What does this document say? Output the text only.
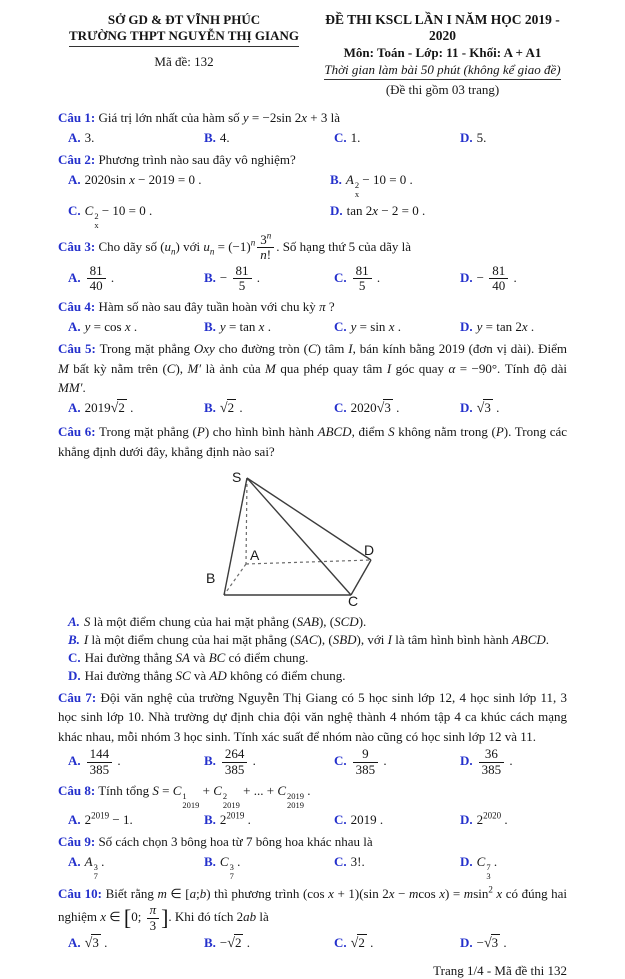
SỞ GD & ĐT VĨNH PHÚC
TRƯỜNG THPT NGUYỄN THỊ GIANG
Mã đề: 132
ĐỀ THI KSCL LẦN I NĂM HỌC 2019 - 2020
Môn: Toán - Lớp: 11 - Khối: A + A1
Thời gian làm bài 50 phút (không kể giao đề)
(Đề thi gồm 03 trang)
Câu 1: Giá trị lớn nhất của hàm số y = −2sin 2x + 3 là
A. 3.	B. 4.	C. 1.	D. 5.
Câu 2: Phương trình nào sau đây vô nghiệm?
A. 2020sin x − 2019 = 0 .	B. A 2
x
− 10 = 0 .
C. C 2
x
− 10 = 0 .	D. tan 2x − 2 = 0 .
Câu 3: Cho dãy số $(u_n)$ với $u_n = (-1)^n \frac{3^n}{n!}$ . Số hạng thứ 5 của dãy là
A. $\frac{81}{40}$ .	B. − $\frac{81}{5}$ .	C. $\frac{81}{5}$ .	D. − $\frac{81}{40}$ .
Câu 4: Hàm số nào sau đây tuần hoàn với chu kỳ π ?
A. y = cos x .	B. y = tan x .	C. y = sin x .	D. y = tan 2x .
Câu 5: Trong mặt phẳng Oxy cho đường tròn (C) tâm I, bán kính bằng 2019 (đơn vị dài). Điểm M bất kỳ nằm trên (C), M′ là ảnh của M qua phép quay tâm I góc quay α = −90°. Tính độ dài MM′.
A. 2019√2 .	B. √2 .	C. 2020√3 .	D. √3 .
Câu 6: Trong mặt phẳng (P) cho hình bình hành ABCD, điểm S không nằm trong (P). Trong các khẳng định dưới đây, khẳng định nào sai?
S
A
B
C
D
A. S là một điểm chung của hai mặt phẳng (SAB), (SCD).
B. I là một điểm chung của hai mặt phẳng (SAC), (SBD), với I là tâm hình bình hành ABCD.
C. Hai đường thẳng SA và BC có điểm chung.
D. Hai đường thẳng SC và AD không có điểm chung.
Câu 7: Đội văn nghệ của trường Nguyễn Thị Giang có 5 học sinh lớp 12, 4 học sinh lớp 11, 3 học sinh lớp 10. Nhà trường dự định chia đội văn nghệ thành 4 nhóm tập 4 ca khúc cách mạng khác nhau, mỗi nhóm 3 học sinh. Tính xác suất để nhóm nào cũng có học sinh lớp 12 và 11.
A. $\frac{144}{385}$ .	B. $\frac{264}{385}$ .	C. $\frac{9}{385}$ .	D. $\frac{36}{385}$ .
Câu 8: Tính tổng S = C 1
2019
+ C 2
2019
+ ... + C 2019
2019
.
A. $2^{2019} - 1$.	B. $2^{2019}$ .	C. 2019 .	D. $2^{2020}$ .
Câu 9: Số cách chọn 3 bông hoa từ 7 bông hoa khác nhau là
A. A 3
7
.	B. C 3
7
.	C. 3!.	D. C 7
3
.
Câu 10: Biết rằng m ∈ [a;b) thì phương trình (cos x + 1)(sin 2x − mcos x) = msin$^2$ x có đúng hai nghiệm x ∈ [0; $\frac{\pi}{3}$ ]. Khi đó tích 2ab là
A. √3 .	B. −√2 .	C. √2 .	D. −√3 .
Trang 1/4 - Mã đề thi 132
